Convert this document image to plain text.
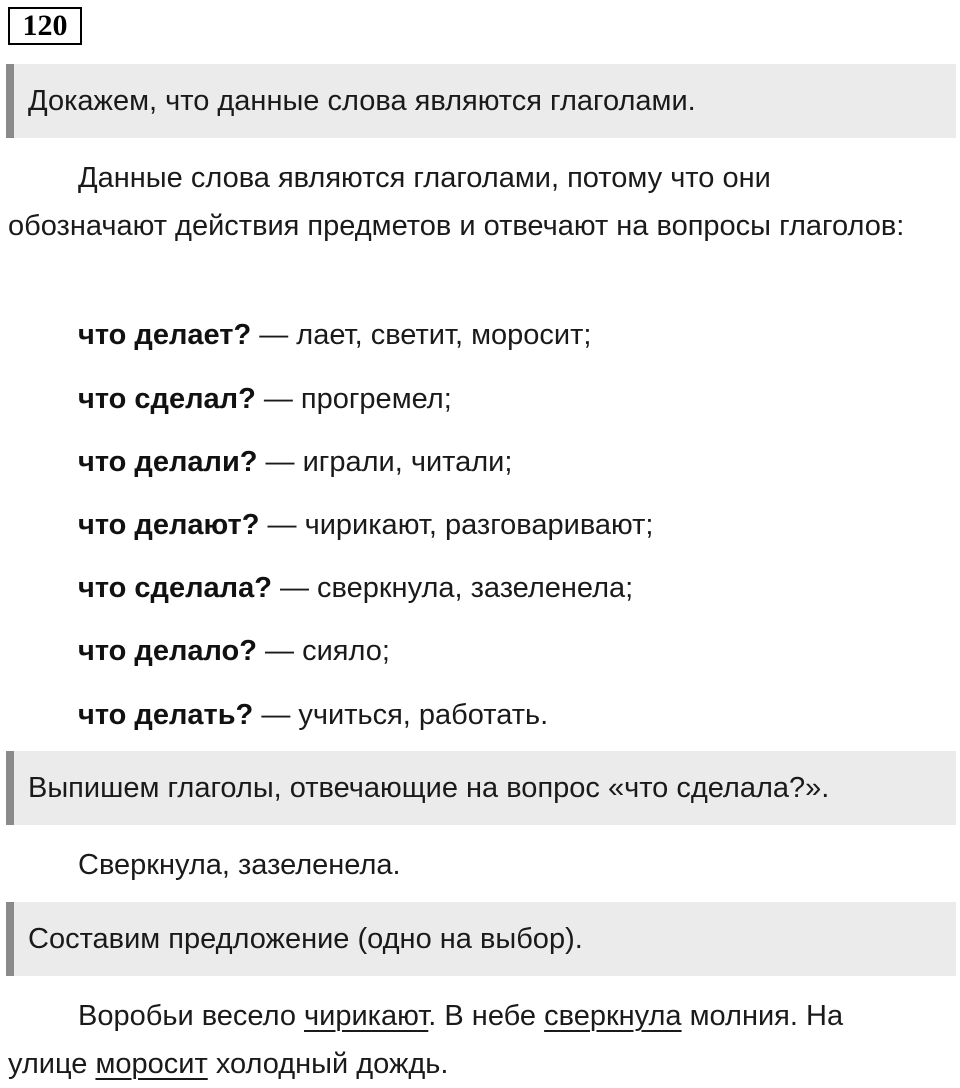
120
Докажем, что данные слова являются глаголами.

Данные слова являются глаголами, потому что они обозначают действия предметов и отвечают на вопросы глаголов:

что делает? — лает, светит, моросит;
что сделал? — прогремел;
что делали? — играли, читали;
что делают? — чирикают, разговаривают;
что сделала? — сверкнула, зазеленела;
что делало? — сияло;
что делать? — учиться, работать.
Выпишем глаголы, отвечающие на вопрос «что сделала?».
Сверкнула, зазеленела.
Составим предложение (одно на выбор).

Воробьи весело чирикают. В небе сверкнула молния. На улице моросит холодный дождь.
